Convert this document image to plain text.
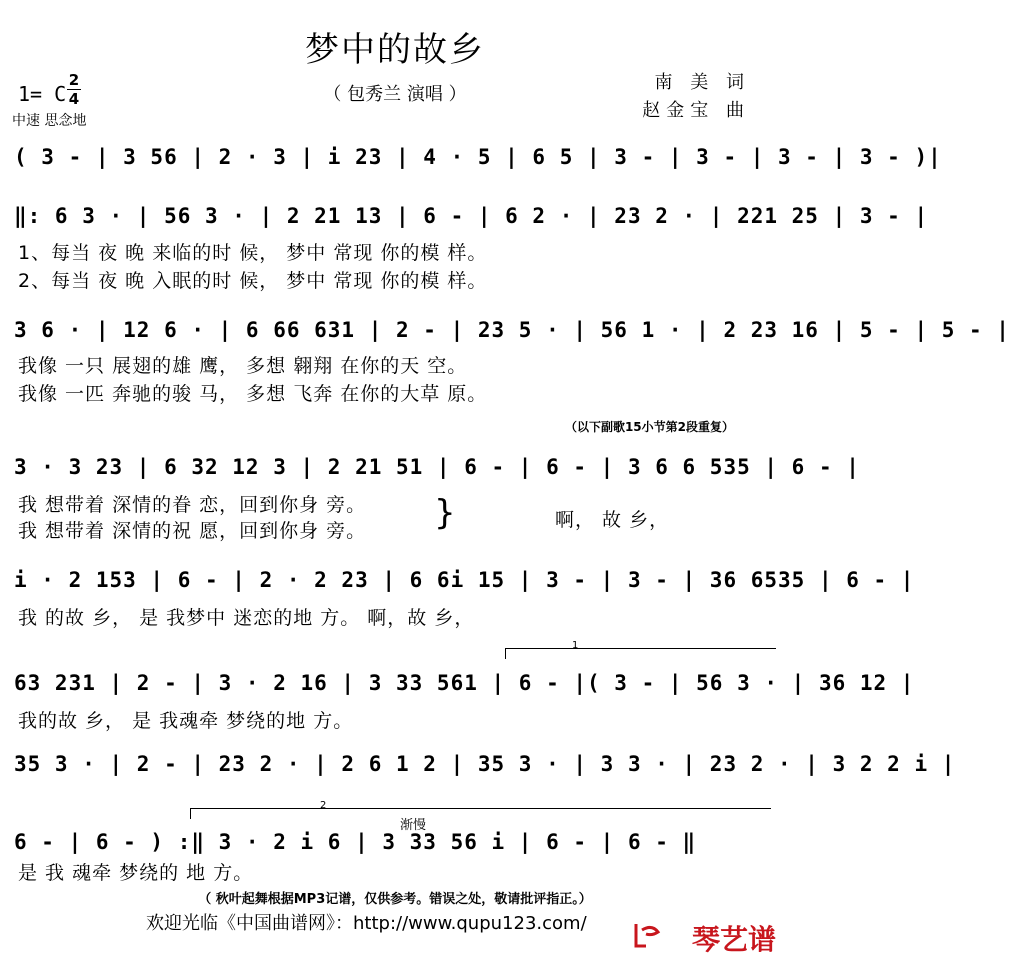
梦中的故乡
（ 包秀兰 演唱 ）
1= C
2
4
中速 思念地
南 美 词
赵金宝 曲
( 3 - | 3 56 | 2 · 3 | i 23 | 4 · 5 | 6 5 | 3 - | 3 - | 3 - | 3 - )|
‖: 6 3 · | 56 3 · | 2 21 13 | 6 - | 6 2 · | 23 2 · | 221 25 | 3 - |
1、每当 夜 晚 来临的时 候， 梦中 常现 你的模 样。
2、每当 夜 晚 入眠的时 候， 梦中 常现 你的模 样。
3 6 · | 12 6 · | 6 66 631 | 2 - | 23 5 · | 56 1 · | 2 23 16 | 5 - | 5 - |
我像 一只 展翅的雄 鹰， 多想 翱翔 在你的天 空。
我像 一匹 奔驰的骏 马， 多想 飞奔 在你的大草 原。
（以下副歌15小节第2段重复）
3 · 3 23 | 6 32 12 3 | 2 21 51 | 6 - | 6 - | 3 6 6 535 | 6 - |
我 想带着 深情的眷 恋，回到你身 旁。
我 想带着 深情的祝 愿，回到你身 旁。 }	啊， 故 乡，
i · 2 153 | 6 - | 2 · 2 23 | 6 6i 15 | 3 - | 3 - | 36 6535 | 6 - |
我 的故 乡， 是 我梦中 迷恋的地 方。 啊，故 乡，
63 231 | 2 - | 3 · 2 16 | 3 33 561 | 6 - |( 3 - | 56 3 · | 36 12 |
我的故 乡， 是 我魂牵 梦绕的地 方。
1
35 3 · | 2 - | 23 2 · | 2 6 1 2 | 35 3 · | 3 3 · | 23 2 · | 3 2 2 i |
2
渐慢
6 - | 6 - ) :‖ 3 · 2 i 6 | 3 33 56 i | 6 - | 6 - ‖
是 我 魂牵 梦绕的 地 方。
（ 秋叶起舞根据MP3记谱，仅供参考。错误之处，敬请批评指正。）
欢迎光临《中国曲谱网》：http://www.qupu123.com/	琴艺谱
